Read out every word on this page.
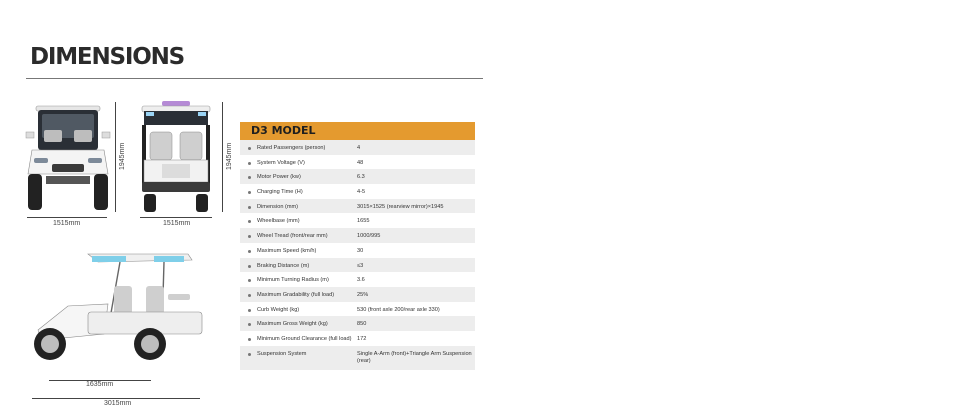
DIMENSIONS
1515mm
1945mm
1515mm
1945mm
1635mm
3015mm
D3 MODEL
Rated Passengers (person)	4
System Voltage (V)	48
Motor Power (kw)	6.3
Charging Time (H)	4-5
Dimension (mm)	3015×1525 (rearview mirror)×1945
Wheelbase (mm)	1655
Wheel Tread (front/rear mm)	1000/995
Maximum Speed (km/h)	30
Braking Distance (m)	≤3
Minimum Turning Radius (m)	3.6
Maximum Gradability (full load)	25%
Curb Weight (kg)	530 (front axle 200/rear axle 330)
Maximum Gross Weight (kg)	850
Minimum Ground Clearance (full load) 172
Suspension System	Single A-Arm (front)+Triangle Arm Suspension (rear)
